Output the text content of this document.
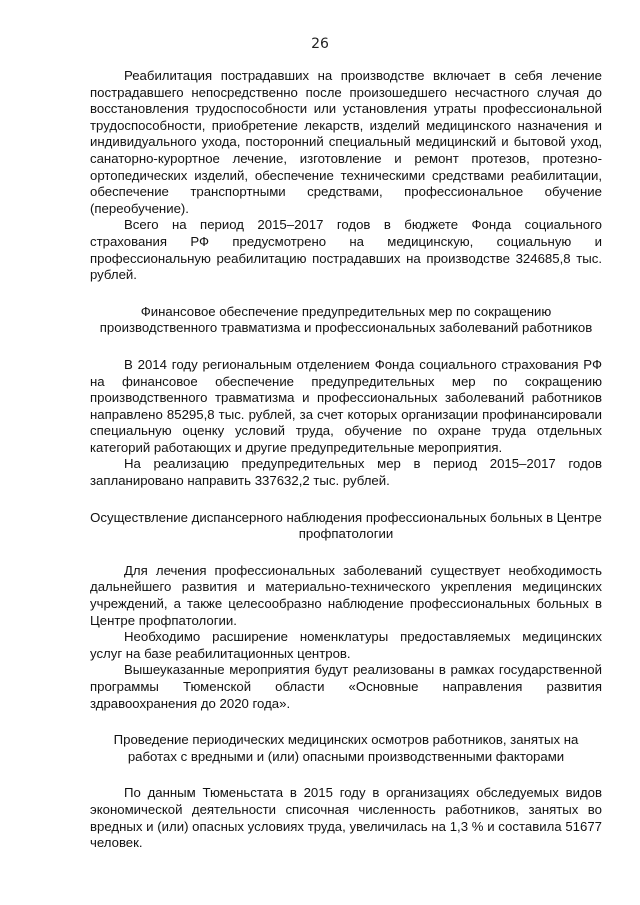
26

Реабилитация пострадавших на производстве включает в себя лечение пострадавшего непосредственно после произошедшего несчастного случая до восстановления трудоспособности или установления утраты профессиональной трудоспособности, приобретение лекарств, изделий медицинского назначения и индивидуального ухода, посторонний специальный медицинский и бытовой уход, санаторно-курортное лечение, изготовление и ремонт протезов, протезно-ортопедических изделий, обеспечение техническими средствами реабилитации, обеспечение транспортными средствами, профессиональное обучение (переобучение).

Всего на период 2015–2017 годов в бюджете Фонда социального страхования РФ предусмотрено на медицинскую, социальную и профессиональную реабилитацию пострадавших на производстве 324685,8 тыс. рублей.

Финансовое обеспечение предупредительных мер по сокращению производственного травматизма и профессиональных заболеваний работников

В 2014 году региональным отделением Фонда социального страхования РФ на финансовое обеспечение предупредительных мер по сокращению производственного травматизма и профессиональных заболеваний работников направлено 85295,8 тыс. рублей, за счет которых организации профинансировали специальную оценку условий труда, обучение по охране труда отдельных категорий работающих и другие предупредительные мероприятия.

На реализацию предупредительных мер в период 2015–2017 годов запланировано направить 337632,2 тыс. рублей.

Осуществление диспансерного наблюдения профессиональных больных в Центре профпатологии

Для лечения профессиональных заболеваний существует необходимость дальнейшего развития и материально-технического укрепления медицинских учреждений, а также целесообразно наблюдение профессиональных больных в Центре профпатологии.

Необходимо расширение номенклатуры предоставляемых медицинских услуг на базе реабилитационных центров.

Вышеуказанные мероприятия будут реализованы в рамках государственной программы Тюменской области «Основные направления развития здравоохранения до 2020 года».

Проведение периодических медицинских осмотров работников, занятых на работах с вредными и (или) опасными производственными факторами

По данным Тюменьстата в 2015 году в организациях обследуемых видов экономической деятельности списочная численность работников, занятых во вредных и (или) опасных условиях труда, увеличилась на 1,3 % и составила 51677 человек.
